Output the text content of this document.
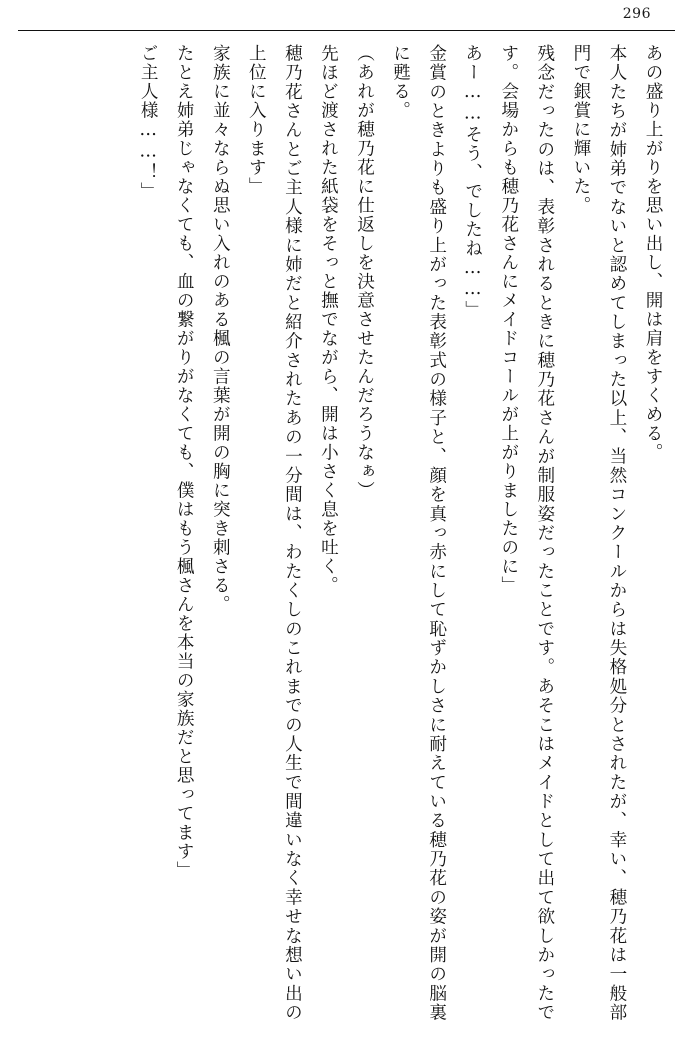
296

あの盛り上がりを思い出し、開は肩をすくめる。

本人たちが姉弟でないと認めてしまった以上、当然コンクールからは失格処分とされたが、幸い、穂乃花は一般部門で銀賞に輝いた。

残念だったのは、表彰されるときに穂乃花さんが制服姿だったことです。あそこはメイドとして出て欲しかったです。会場からも穂乃花さんにメイドコールが上がりましたのに」

あー……そう、でしたね……」

金賞のときよりも盛り上がった表彰式の様子と、顔を真っ赤にして恥ずかしさに耐えている穂乃花の姿が開の脳裏に甦る。

（あれが穂乃花に仕返しを決意させたんだろうなぁ）

先ほど渡された紙袋をそっと撫でながら、開は小さく息を吐く。

穂乃花さんとご主人様に姉だと紹介されたあの一分間は、わたくしのこれまでの人生で間違いなく幸せな想い出の上位に入ります」

家族に並々ならぬ思い入れのある楓の言葉が開の胸に突き刺さる。

たとえ姉弟じゃなくても、血の繋がりがなくても、僕はもう楓さんを本当の家族だと思ってます」

ご主人様……！」
